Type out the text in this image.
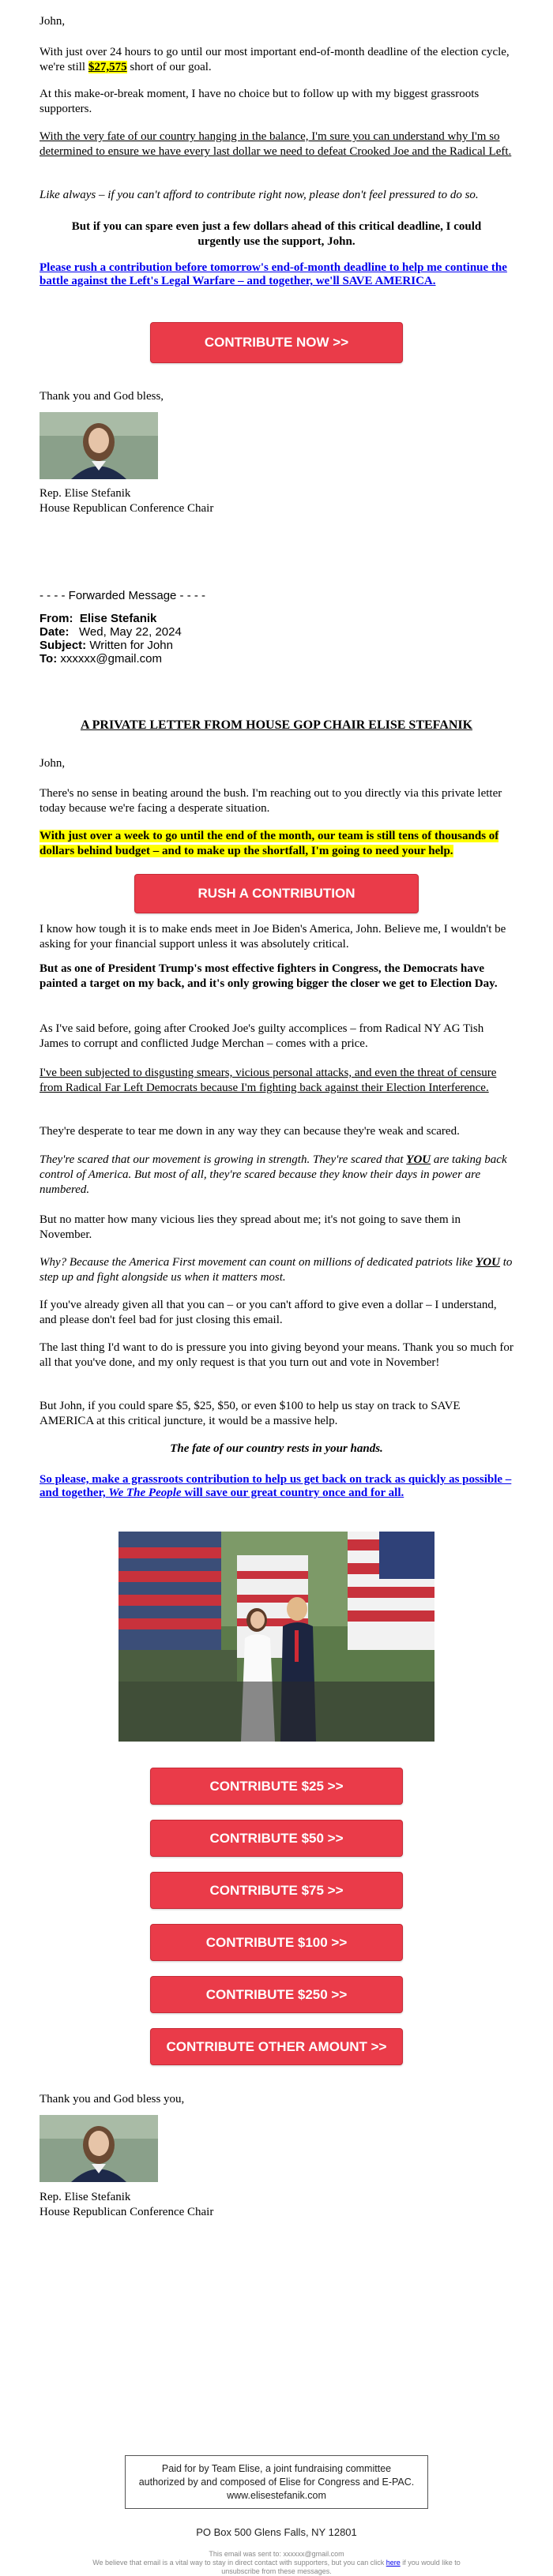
John,

With just over 24 hours to go until our most important end-of-month deadline of the election cycle, we're still $27,575 short of our goal.

At this make-or-break moment, I have no choice but to follow up with my biggest grassroots supporters.

With the very fate of our country hanging in the balance, I'm sure you can understand why I'm so determined to ensure we have every last dollar we need to defeat Crooked Joe and the Radical Left.

Like always – if you can't afford to contribute right now, please don't feel pressured to do so.

But if you can spare even just a few dollars ahead of this critical deadline, I could urgently use the support, John.

Please rush a contribution before tomorrow's end-of-month deadline to help me continue the battle against the Left's Legal Warfare – and together, we'll SAVE AMERICA.
CONTRIBUTE NOW >>

Thank you and God bless,

Rep. Elise Stefanik

House Republican Conference Chair

- - - - Forwarded Message - - - -

From: Elise Stefanik

Date: Wed, May 22, 2024

Subject: Written for John

To: xxxxxx@gmail.com

A PRIVATE LETTER FROM HOUSE GOP CHAIR ELISE STEFANIK

John,

There's no sense in beating around the bush. I'm reaching out to you directly via this private letter today because we're facing a desperate situation.

With just over a week to go until the end of the month, our team is still tens of thousands of dollars behind budget – and to make up the shortfall, I'm going to need your help.

RUSH A CONTRIBUTION

I know how tough it is to make ends meet in Joe Biden's America, John. Believe me, I wouldn't be asking for your financial support unless it was absolutely critical.

But as one of President Trump's most effective fighters in Congress, the Democrats have painted a target on my back, and it's only growing bigger the closer we get to Election Day.

As I've said before, going after Crooked Joe's guilty accomplices – from Radical NY AG Tish James to corrupt and conflicted Judge Merchan – comes with a price.

I've been subjected to disgusting smears, vicious personal attacks, and even the threat of censure from Radical Far Left Democrats because I'm fighting back against their Election Interference.

They're desperate to tear me down in any way they can because they're weak and scared.

They're scared that our movement is growing in strength. They're scared that YOU are taking back control of America. But most of all, they're scared because they know their days in power are numbered.

But no matter how many vicious lies they spread about me; it's not going to save them in November.

Why? Because the America First movement can count on millions of dedicated patriots like YOU to step up and fight alongside us when it matters most.

If you've already given all that you can – or you can't afford to give even a dollar – I understand, and please don't feel bad for just closing this email.

The last thing I'd want to do is pressure you into giving beyond your means. Thank you so much for all that you've done, and my only request is that you turn out and vote in November!

But John, if you could spare $5, $25, $50, or even $100 to help us stay on track to SAVE AMERICA at this critical juncture, it would be a massive help.

The fate of our country rests in your hands.

So please, make a grassroots contribution to help us get back on track as quickly as possible – and together, We The People will save our great country once and for all.
CONTRIBUTE $25 >>
CONTRIBUTE $50 >>
CONTRIBUTE $75 >>
CONTRIBUTE $100 >>
CONTRIBUTE $250 >>
CONTRIBUTE OTHER AMOUNT >>

Thank you and God bless you,

Rep. Elise Stefanik

House Republican Conference Chair

Paid for by Team Elise, a joint fundraising committee authorized by and composed of Elise for Congress and E-PAC. www.elisestefanik.com

PO Box 500 Glens Falls, NY 12801

This email was sent to: xxxxxx@gmail.com

We believe that email is a vital way to stay in direct contact with supporters, but you can click here if you would like to unsubscribe from these messages.
